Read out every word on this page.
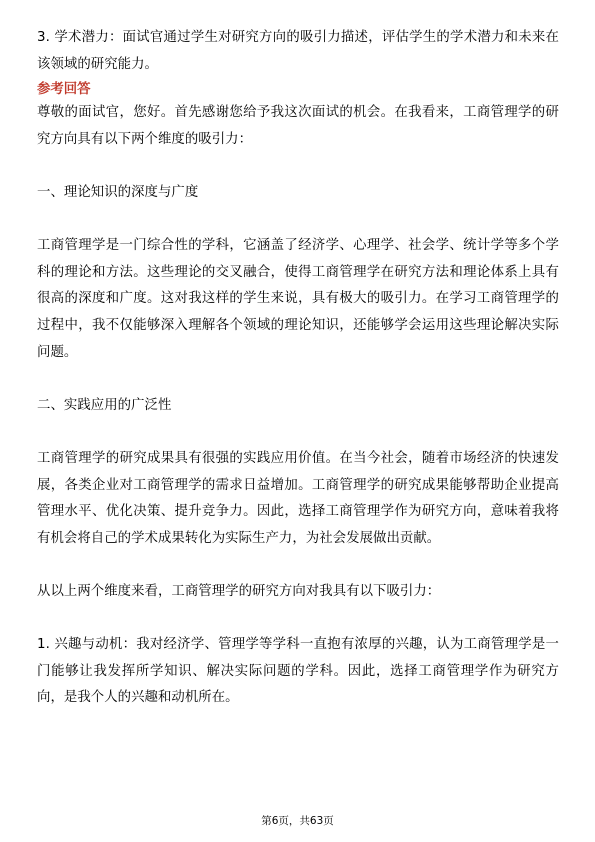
3. 学术潜力：面试官通过学生对研究方向的吸引力描述，评估学生的学术潜力和未来在该领域的研究能力。

参考回答

尊敬的面试官，您好。首先感谢您给予我这次面试的机会。在我看来，工商管理学的研究方向具有以下两个维度的吸引力：

一、理论知识的深度与广度

工商管理学是一门综合性的学科，它涵盖了经济学、心理学、社会学、统计学等多个学科的理论和方法。这些理论的交叉融合，使得工商管理学在研究方法和理论体系上具有很高的深度和广度。这对我这样的学生来说，具有极大的吸引力。在学习工商管理学的过程中，我不仅能够深入理解各个领域的理论知识，还能够学会运用这些理论解决实际问题。

二、实践应用的广泛性

工商管理学的研究成果具有很强的实践应用价值。在当今社会，随着市场经济的快速发展，各类企业对工商管理学的需求日益增加。工商管理学的研究成果能够帮助企业提高管理水平、优化决策、提升竞争力。因此，选择工商管理学作为研究方向，意味着我将有机会将自己的学术成果转化为实际生产力，为社会发展做出贡献。

从以上两个维度来看，工商管理学的研究方向对我具有以下吸引力：

1. 兴趣与动机：我对经济学、管理学等学科一直抱有浓厚的兴趣，认为工商管理学是一门能够让我发挥所学知识、解决实际问题的学科。因此，选择工商管理学作为研究方向，是我个人的兴趣和动机所在。

第6页，共63页
